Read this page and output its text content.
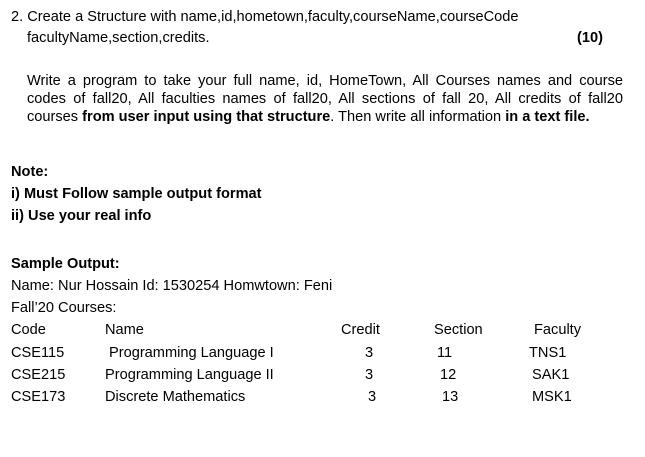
2. Create a Structure with name,id,hometown,faculty,courseName,courseCode
facultyName,section,credits.	(10)
Write a program to take your full name, id, HomeTown, All Courses names and course codes of fall20, All faculties names of fall20, All sections of fall 20, All credits of fall20 courses from user input using that structure. Then write all information in a text file.
Note:
i) Must Follow sample output format
ii) Use your real info
Sample Output:
Name: Nur Hossain Id: 1530254 Homwtown: Feni
Fall’20 Courses:
Code	Name	Credit	Section	Faculty
CSE115	Programming Language I	3	11	TNS1
CSE215	Programming Language II	3	12	SAK1
CSE173	Discrete Mathematics	3	13	MSK1
